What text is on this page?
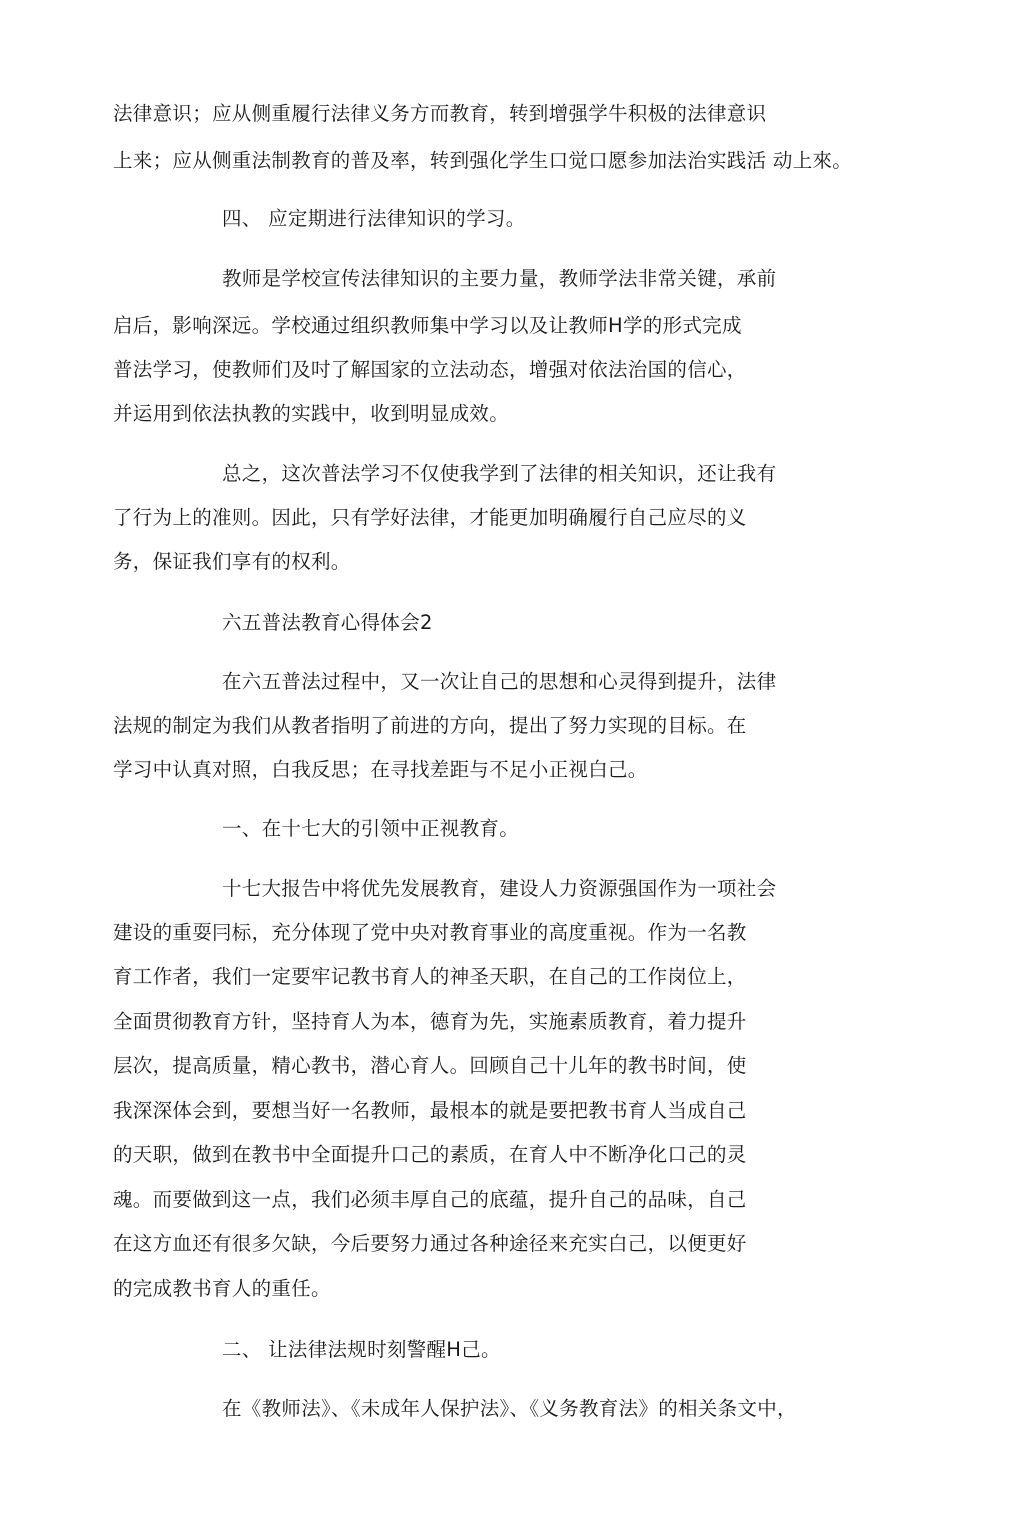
法律意识；应从侧重履行法律义务方而教育，转到增强学牛积极的法律意识
上来；应从侧重法制教育的普及率，转到强化学生口觉口愿参加法治实践活 动上來。
四、 应定期进行法律知识的学习。
教师是学校宣传法律知识的主要力量，教师学法非常关键，承前
启后，影响深远。学校通过组织教师集中学习以及让教师H学的形式完成
普法学习，使教师们及吋了解国家的立法动态，增强对依法治国的信心，
并运用到依法执教的实践中，收到明显成效。
总之，这次普法学习不仅使我学到了法律的相关知识，还让我有
了行为上的准则。因此，只有学好法律，才能更加明确履行自己应尽的义
务，保证我们享有的权利。
六五普法教育心得体会2
在六五普法过程中，又一次让自己的思想和心灵得到提升，法律
法规的制定为我们从教者指明了前进的方向，提出了努力实现的目标。在
学习中认真对照，白我反思；在寻找差距与不足小正视白己。
一、在十七大的引领中正视教育。
十七大报告中将优先发展教育，建设人力资源强国作为一项社会
建设的重耍冃标，充分体现了党中央对教育事业的高度重视。作为一名教
育工作者，我们一定要牢记教书育人的神圣天职，在自己的工作岗位上，
全面贯彻教育方针，坚持育人为本，德育为先，实施素质教育，着力提升
层次，提高质量，精心教书，潜心育人。回顾自己十儿年的教书时间，使
我深深体会到，要想当好一名教师，最根本的就是要把教书育人当成自己
的天职，做到在教书中全面提升口己的素质，在育人中不断净化口己的灵
魂。而要做到这一点，我们必须丰厚自己的底蕴，提升自己的品味，自己
在这方血还有很多欠缺，今后要努力通过各种途径来充实白己，以便更好
的完成教书育人的重任。
二、 让法律法规时刻警醒H己。
在《教师法》、《未成年人保护法》、《义务教育法》的相关条文中，
